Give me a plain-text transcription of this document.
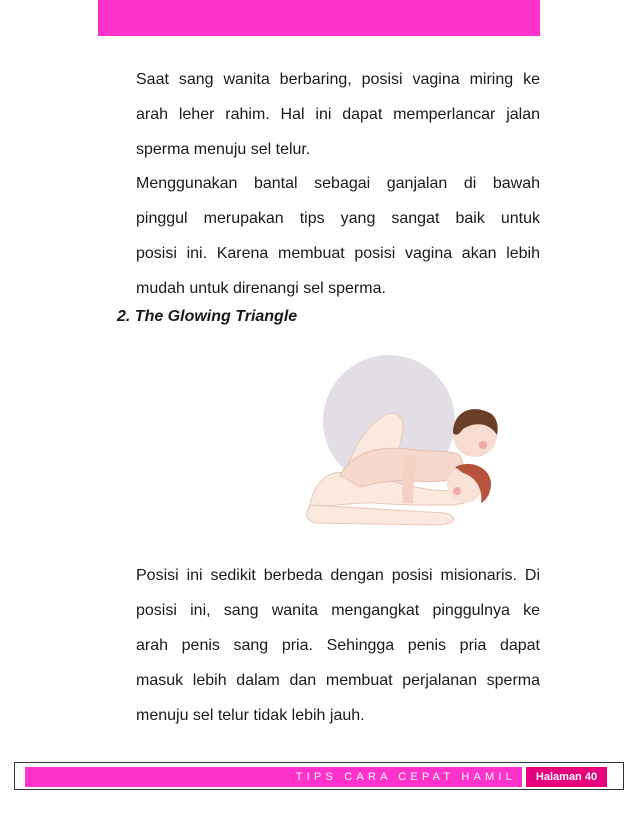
Saat sang wanita berbaring, posisi vagina miring ke
arah leher rahim. Hal ini dapat memperlancar jalan
sperma menuju sel telur.
Menggunakan bantal sebagai ganjalan di bawah
pinggul merupakan tips yang sangat baik untuk
posisi ini. Karena membuat posisi vagina akan lebih
mudah untuk direnangi sel sperma.
2. The Glowing Triangle
Posisi ini sedikit berbeda dengan posisi misionaris. Di
posisi ini, sang wanita mengangkat pinggulnya ke
arah penis sang pria. Sehingga penis pria dapat
masuk lebih dalam dan membuat perjalanan sperma
menuju sel telur tidak lebih jauh.
TIPS CARA CEPAT HAMIL	Halaman 40
